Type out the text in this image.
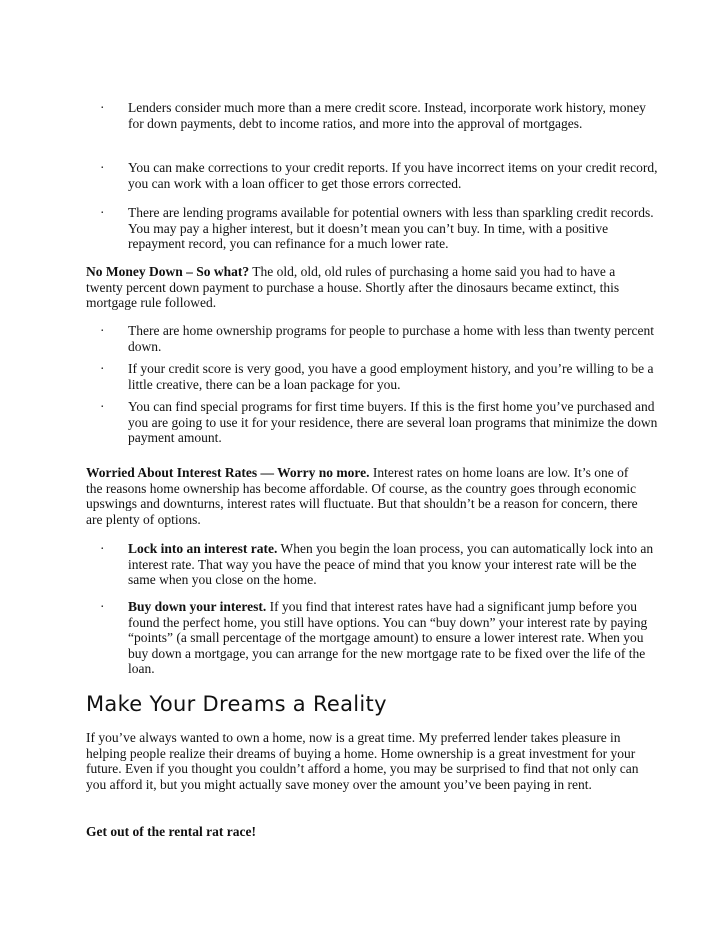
·	Lenders consider much more than a mere credit score. Instead, incorporate work history, money for down payments, debt to income ratios, and more into the approval of mortgages.
·	You can make corrections to your credit reports. If you have incorrect items on your credit record, you can work with a loan officer to get those errors corrected.
·	There are lending programs available for potential owners with less than sparkling credit records. You may pay a higher interest, but it doesn’t mean you can’t buy. In time, with a positive repayment record, you can refinance for a much lower rate.
No Money Down – So what? The old, old, old rules of purchasing a home said you had to have a twenty percent down payment to purchase a house. Shortly after the dinosaurs became extinct, this mortgage rule followed.
·	There are home ownership programs for people to purchase a home with less than twenty percent down.
·	If your credit score is very good, you have a good employment history, and you’re willing to be a little creative, there can be a loan package for you.
·	You can find special programs for first time buyers. If this is the first home you’ve purchased and you are going to use it for your residence, there are several loan programs that minimize the down payment amount.
Worried About Interest Rates — Worry no more. Interest rates on home loans are low. It’s one of the reasons home ownership has become affordable. Of course, as the country goes through economic upswings and downturns, interest rates will fluctuate. But that shouldn’t be a reason for concern, there are plenty of options.
·	Lock into an interest rate. When you begin the loan process, you can automatically lock into an interest rate. That way you have the peace of mind that you know your interest rate will be the same when you close on the home.
·	Buy down your interest. If you find that interest rates have had a significant jump before you found the perfect home, you still have options. You can “buy down” your interest rate by paying “points” (a small percentage of the mortgage amount) to ensure a lower interest rate. When you buy down a mortgage, you can arrange for the new mortgage rate to be fixed over the life of the loan.
Make Your Dreams a Reality
If you’ve always wanted to own a home, now is a great time. My preferred lender takes pleasure in helping people realize their dreams of buying a home. Home ownership is a great investment for your future. Even if you thought you couldn’t afford a home, you may be surprised to find that not only can you afford it, but you might actually save money over the amount you’ve been paying in rent.
Get out of the rental rat race!
